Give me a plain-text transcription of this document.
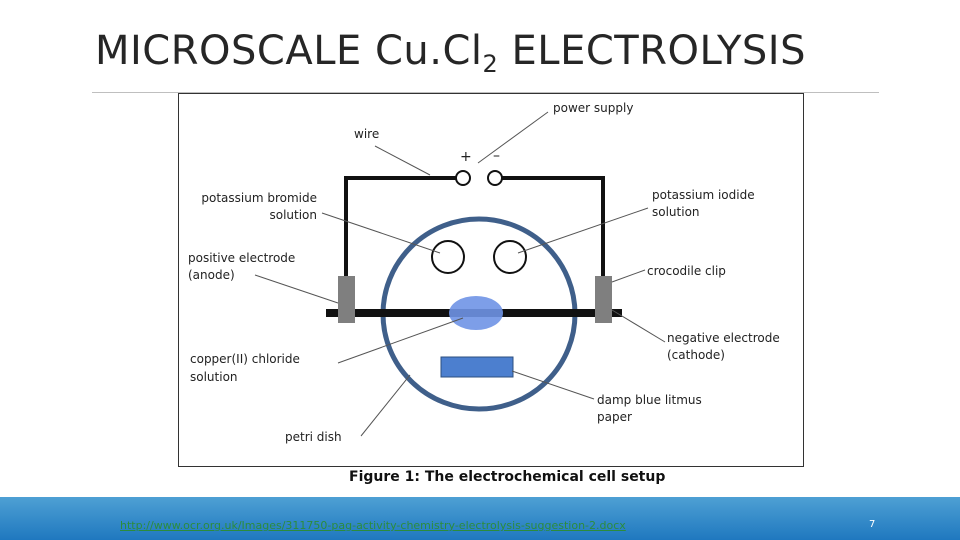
MICROSCALE $Cu.Cl_2$ ELECTROLYSIS
+ –
power supply
wire
potassium bromide
solution
potassium iodide
solution
positive electrode
(anode)	crocodile clip
negative electrode
(cathode)
copper(II) chloride
solution
damp blue litmus
paper
petri dish
Figure 1: The electrochemical cell setup
http://www.ocr.org.uk/Images/311750-pag-activity-chemistry-electrolysis-suggestion-2.docx	7
